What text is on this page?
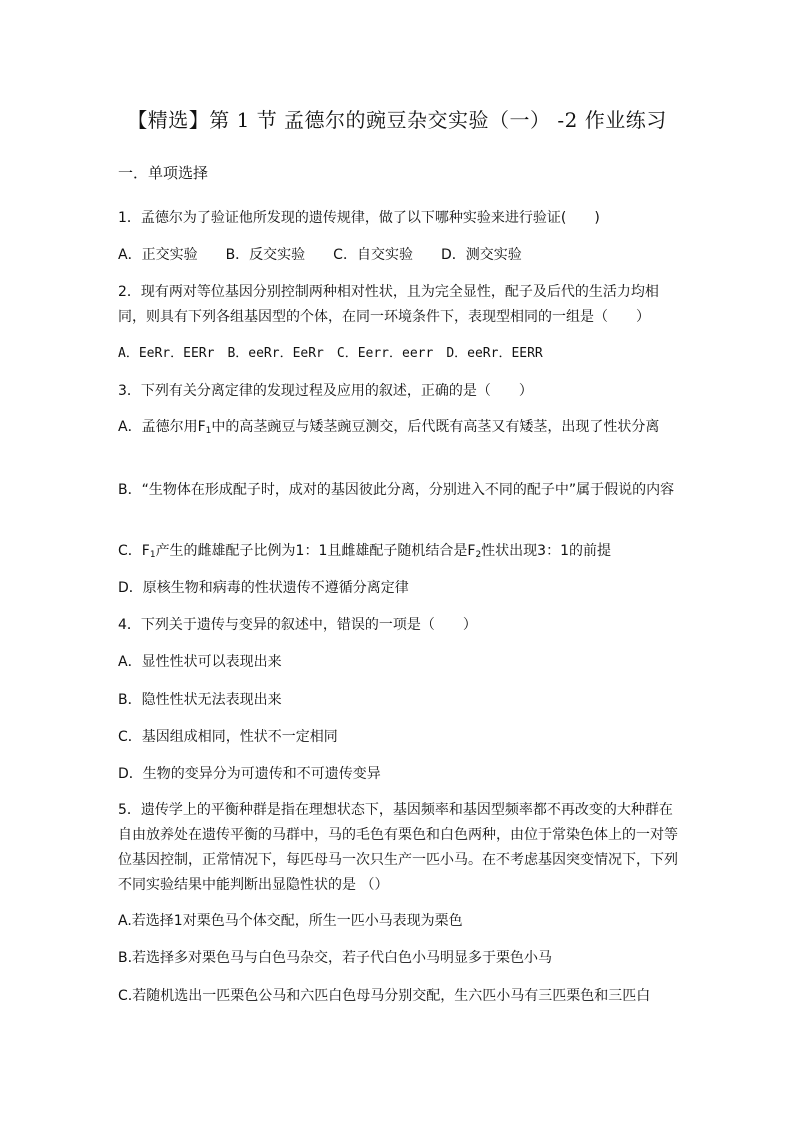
【精选】第 1 节 孟德尔的豌豆杂交实验（一） -2 作业练习
一．单项选择
1．孟德尔为了验证他所发现的遗传规律，做了以下哪种实验来进行验证(　　)
A．正交实验　　B．反交实验　　C．自交实验　　D．测交实验
2．现有两对等位基因分别控制两种相对性状，且为完全显性，配子及后代的生活力均相同，则具有下列各组基因型的个体，在同一环境条件下，表现型相同的一组是（　　）
A．EeRr．EERr　B．eeRr．EeRr　C．Eerr．eerr　D．eeRr．EERR
3．下列有关分离定律的发现过程及应用的叙述，正确的是（　　）
A．孟德尔用$F_1$中的高茎豌豆与矮茎豌豆测交，后代既有高茎又有矮茎，出现了性状分离
B．“生物体在形成配子时，成对的基因彼此分离，分别进入不同的配子中”属于假说的内容
C．$F_1$产生的雌雄配子比例为1：1且雌雄配子随机结合是$F_2$性状出现3：1的前提
D．原核生物和病毒的性状遗传不遵循分离定律
4．下列关于遗传与变异的叙述中，错误的一项是（　　）
A．显性性状可以表现出来
B．隐性性状无法表现出来
C．基因组成相同，性状不一定相同
D．生物的变异分为可遗传和不可遗传变异
5．遗传学上的平衡种群是指在理想状态下，基因频率和基因型频率都不再改变的大种群在自由放养处在遗传平衡的马群中，马的毛色有栗色和白色两种，由位于常染色体上的一对等位基因控制，正常情况下，每匹母马一次只生产一匹小马。在不考虑基因突变情况下，下列不同实验结果中能判断出显隐性状的是 （）
A.若选择1对栗色马个体交配，所生一匹小马表现为栗色
B.若选择多对栗色马与白色马杂交，若子代白色小马明显多于栗色小马
C.若随机选出一匹栗色公马和六匹白色母马分别交配，生六匹小马有三匹栗色和三匹白
